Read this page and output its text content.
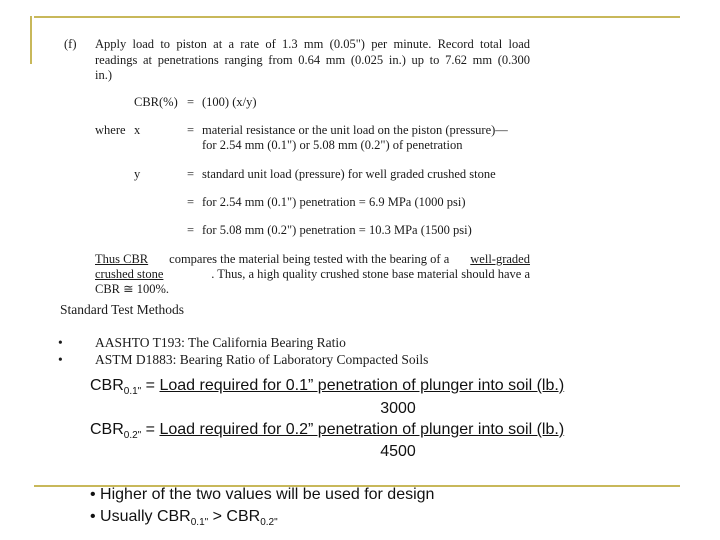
(f) Apply load to piston at a rate of 1.3 mm (0.05") per minute. Record total load
readings at penetrations ranging from 0.64 mm (0.025 in.) up to 7.62 mm (0.300
in.)
CBR(%) = (100) (x/y)
where x	= material resistance or the unit load on the piston (pressure)—
for 2.54 mm (0.1") or 5.08 mm (0.2") of penetration
y	= standard unit load (pressure) for well graded crushed stone
= for 2.54 mm (0.1") penetration = 6.9 MPa (1000 psi)
= for 5.08 mm (0.2") penetration = 10.3 MPa (1500 psi)
Thus CBR compares the material being tested with the bearing of a well-graded
crushed stone	. Thus, a high quality crushed stone base material should have a
CBR ≅ 100%.
Standard Test Methods
• AASHTO T193: The California Bearing Ratio
• ASTM D1883: Bearing Ratio of Laboratory Compacted Soils
$CBR_{0.1"}$ = Load required for 0.1” penetration of plunger into soil (lb.)
3000
$CBR_{0.2"}$ = Load required for 0.2” penetration of plunger into soil (lb.)
4500
• Higher of the two values will be used for design
• Usually $CBR_{0.1"} > CBR_{0.2"}$
